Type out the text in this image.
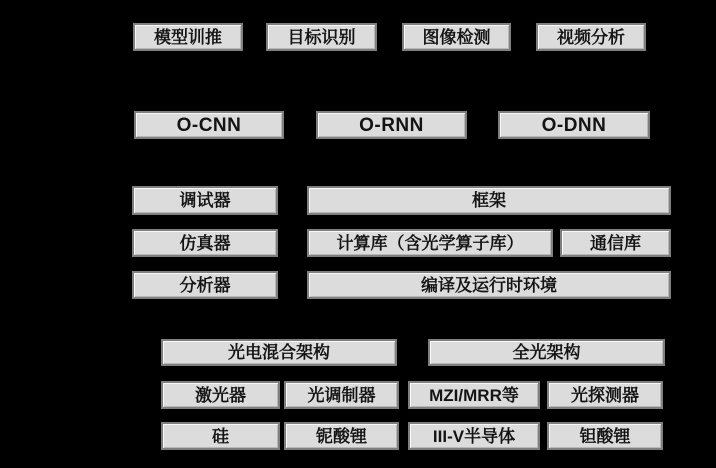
模型训推	目标识别	图像检测	视频分析
O-CNN	O-RNN	O-DNN
调试器	框架
仿真器	计算库（含光学算子库）	通信库
分析器	编译及运行时环境
光电混合架构	全光架构
激光器	光调制器	MZI/MRR等	光探测器
硅	铌酸锂	III-V半导体	钽酸锂
